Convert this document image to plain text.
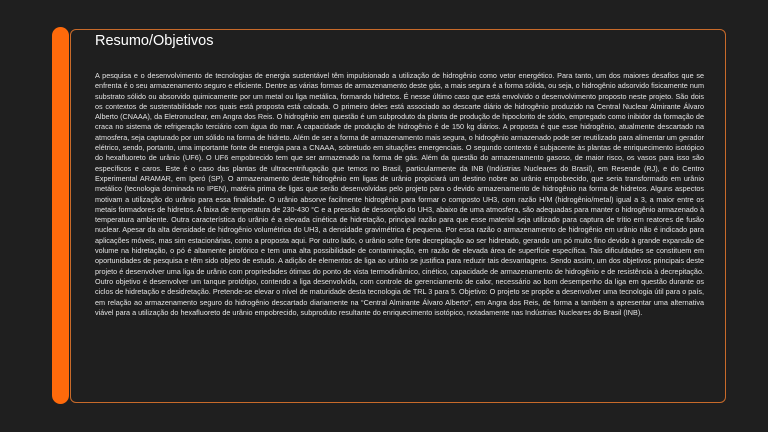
Resumo/Objetivos

A pesquisa e o desenvolvimento de tecnologias de energia sustentável têm impulsionado a utilização de hidrogênio como vetor energético. Para tanto, um dos maiores desafios que se enfrenta é o seu armazenamento seguro e eficiente. Dentre as várias formas de armazenamento deste gás, a mais segura é a forma sólida, ou seja, o hidrogênio adsorvido fisicamente num substrato sólido ou absorvido quimicamente por um metal ou liga metálica, formando hidretos. É nesse último caso que está envolvido o desenvolvimento proposto neste projeto. São dois os contextos de sustentabilidade nos quais está proposta está calcada. O primeiro deles está associado ao descarte diário de hidrogênio produzido na Central Nuclear Almirante Álvaro Alberto (CNAAA), da Eletronuclear, em Angra dos Reis. O hidrogênio em questão é um subproduto da planta de produção de hipoclorito de sódio, empregado como inibidor da formação de craca no sistema de refrigeração terciário com água do mar. A capacidade de produção de hidrogênio é de 150 kg diários. A proposta é que esse hidrogênio, atualmente descartado na atmosfera, seja capturado por um sólido na forma de hidreto. Além de ser a forma de armazenamento mais segura, o hidrogênio armazenado pode ser reutilizado para alimentar um gerador elétrico, sendo, portanto, uma importante fonte de energia para a CNAAA, sobretudo em situações emergenciais. O segundo contexto é subjacente às plantas de enriquecimento isotópico do hexafluoreto de urânio (UF6). O UF6 empobrecido tem que ser armazenado na forma de gás. Além da questão do armazenamento gasoso, de maior risco, os vasos para isso são específicos e caros. Este é o caso das plantas de ultracentrifugação que temos no Brasil, particularmente da INB (Indústrias Nucleares do Brasil), em Resende (RJ), e do Centro Experimental ARAMAR, em Iperó (SP). O armazenamento deste hidrogênio em ligas de urânio propiciará um destino nobre ao urânio empobrecido, que seria transformado em urânio metálico (tecnologia dominada no IPEN), matéria prima de ligas que serão desenvolvidas pelo projeto para o devido armazenamento de hidrogênio na forma de hidretos. Alguns aspectos motivam a utilização do urânio para essa finalidade. O urânio absorve facilmente hidrogênio para formar o composto UH3, com razão H/M (hidrogênio/metal) igual a 3, a maior entre os metais formadores de hidretos. A faixa de temperatura de 230-430 °C e a pressão de dessorção do UH3, abaixo de uma atmosfera, são adequadas para manter o hidrogênio armazenado à temperatura ambiente. Outra característica do urânio é a elevada cinética de hidretação, principal razão para que esse material seja utilizado para captura de trítio em reatores de fusão nuclear. Apesar da alta densidade de hidrogênio volumétrica do UH3, a densidade gravimétrica é pequena. Por essa razão o armazenamento de hidrogênio em urânio não é indicado para aplicações móveis, mas sim estacionárias, como a proposta aqui. Por outro lado, o urânio sofre forte decrepitação ao ser hidretado, gerando um pó muito fino devido à grande expansão de volume na hidretação, o pó é altamente pirofórico e tem uma alta possibilidade de contaminação, em razão de elevada área de superfície específica. Tais dificuldades se constituem em oportunidades de pesquisa e têm sido objeto de estudo. A adição de elementos de liga ao urânio se justifica para reduzir tais desvantagens. Sendo assim, um dos objetivos principais deste projeto é desenvolver uma liga de urânio com propriedades ótimas do ponto de vista termodinâmico, cinético, capacidade de armazenamento de hidrogênio e de resistência à decrepitação. Outro objetivo é desenvolver um tanque protótipo, contendo a liga desenvolvida, com controle de gerenciamento de calor, necessário ao bom desempenho da liga em questão durante os ciclos de hidretação e desidretação. Pretende-se elevar o nível de maturidade desta tecnologia de TRL 3 para 5. Objetivo: O projeto se propõe a desenvolver uma tecnologia útil para o país, em relação ao armazenamento seguro do hidrogênio descartado diariamente na “Central Almirante Álvaro Alberto”, em Angra dos Reis, de forma a também a apresentar uma alternativa viável para a utilização do hexafluoreto de urânio empobrecido, subproduto resultante do enriquecimento isotópico, notadamente nas Indústrias Nucleares do Brasil (INB).
